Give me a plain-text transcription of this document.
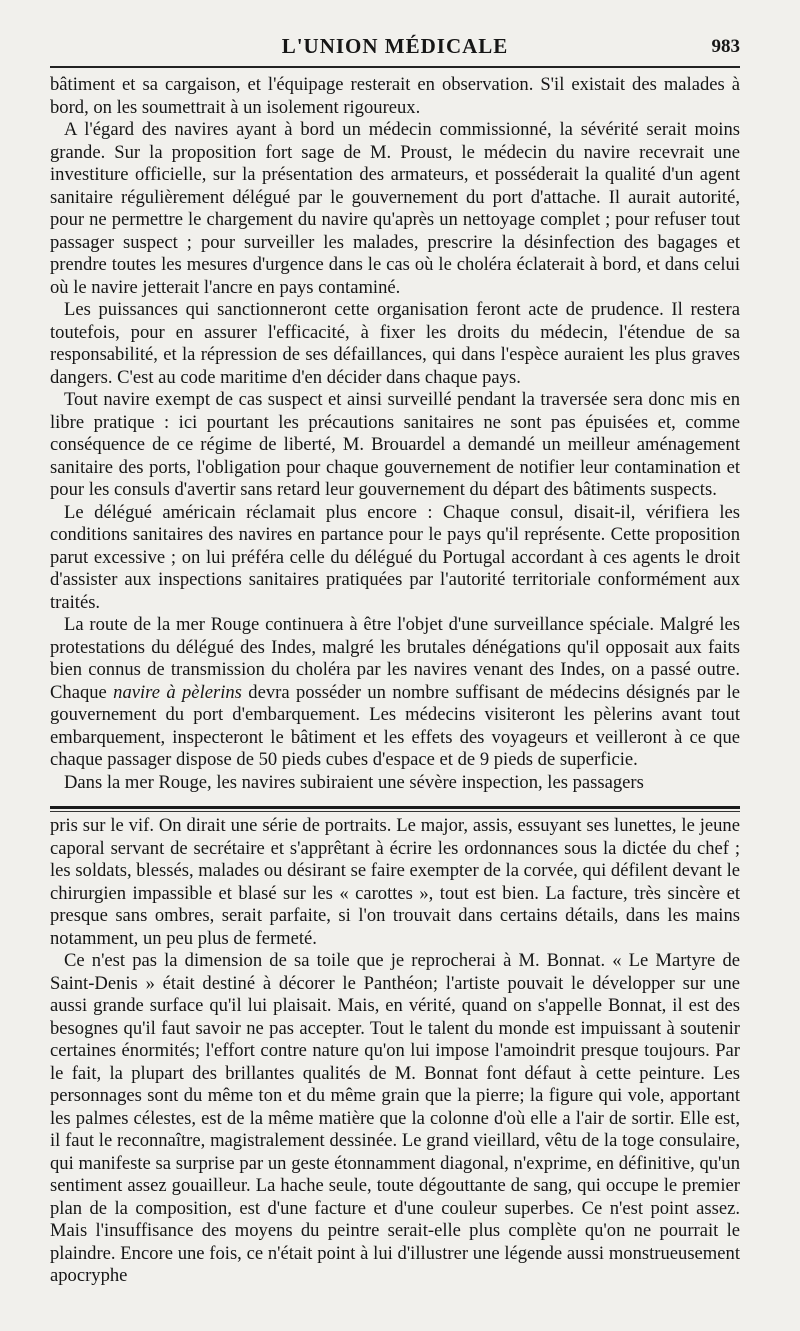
L'UNION MÉDICALE	983

bâtiment et sa cargaison, et l'équipage resterait en observation. S'il existait des malades à bord, on les soumettrait à un isolement rigoureux.

A l'égard des navires ayant à bord un médecin commissionné, la sévérité serait moins grande. Sur la proposition fort sage de M. Proust, le médecin du navire recevrait une investiture officielle, sur la présentation des armateurs, et posséderait la qualité d'un agent sanitaire régulièrement délégué par le gouvernement du port d'attache. Il aurait autorité, pour ne permettre le chargement du navire qu'après un nettoyage complet ; pour refuser tout passager suspect ; pour surveiller les malades, prescrire la désinfection des bagages et prendre toutes les mesures d'urgence dans le cas où le choléra éclaterait à bord, et dans celui où le navire jetterait l'ancre en pays contaminé.

Les puissances qui sanctionneront cette organisation feront acte de prudence. Il restera toutefois, pour en assurer l'efficacité, à fixer les droits du médecin, l'étendue de sa responsabilité, et la répression de ses défaillances, qui dans l'espèce auraient les plus graves dangers. C'est au code maritime d'en décider dans chaque pays.

Tout navire exempt de cas suspect et ainsi surveillé pendant la traversée sera donc mis en libre pratique : ici pourtant les précautions sanitaires ne sont pas épuisées et, comme conséquence de ce régime de liberté, M. Brouardel a demandé un meilleur aménagement sanitaire des ports, l'obligation pour chaque gouvernement de notifier leur contamination et pour les consuls d'avertir sans retard leur gouvernement du départ des bâtiments suspects.

Le délégué américain réclamait plus encore : Chaque consul, disait-il, vérifiera les conditions sanitaires des navires en partance pour le pays qu'il représente. Cette proposition parut excessive ; on lui préféra celle du délégué du Portugal accordant à ces agents le droit d'assister aux inspections sanitaires pratiquées par l'autorité territoriale conformément aux traités.

La route de la mer Rouge continuera à être l'objet d'une surveillance spéciale. Malgré les protestations du délégué des Indes, malgré les brutales dénégations qu'il opposait aux faits bien connus de transmission du choléra par les navires venant des Indes, on a passé outre. Chaque navire à pèlerins devra posséder un nombre suffisant de médecins désignés par le gouvernement du port d'embarquement. Les médecins visiteront les pèlerins avant tout embarquement, inspecteront le bâtiment et les effets des voyageurs et veilleront à ce que chaque passager dispose de 50 pieds cubes d'espace et de 9 pieds de superficie.

Dans la mer Rouge, les navires subiraient une sévère inspection, les passagers

pris sur le vif. On dirait une série de portraits. Le major, assis, essuyant ses lunettes, le jeune caporal servant de secrétaire et s'apprêtant à écrire les ordonnances sous la dictée du chef ; les soldats, blessés, malades ou désirant se faire exempter de la corvée, qui défilent devant le chirurgien impassible et blasé sur les « carottes », tout est bien. La facture, très sincère et presque sans ombres, serait parfaite, si l'on trouvait dans certains détails, dans les mains notamment, un peu plus de fermeté.

Ce n'est pas la dimension de sa toile que je reprocherai à M. Bonnat. « Le Martyre de Saint-Denis » était destiné à décorer le Panthéon; l'artiste pouvait le développer sur une aussi grande surface qu'il lui plaisait. Mais, en vérité, quand on s'appelle Bonnat, il est des besognes qu'il faut savoir ne pas accepter. Tout le talent du monde est impuissant à soutenir certaines énormités; l'effort contre nature qu'on lui impose l'amoindrit presque toujours. Par le fait, la plupart des brillantes qualités de M. Bonnat font défaut à cette peinture. Les personnages sont du même ton et du même grain que la pierre; la figure qui vole, apportant les palmes célestes, est de la même matière que la colonne d'où elle a l'air de sortir. Elle est, il faut le reconnaître, magistralement dessinée. Le grand vieillard, vêtu de la toge consulaire, qui manifeste sa surprise par un geste étonnamment diagonal, n'exprime, en définitive, qu'un sentiment assez gouailleur. La hache seule, toute dégouttante de sang, qui occupe le premier plan de la composition, est d'une facture et d'une couleur superbes. Ce n'est point assez. Mais l'insuffisance des moyens du peintre serait-elle plus complète qu'on ne pourrait le plaindre. Encore une fois, ce n'était point à lui d'illustrer une légende aussi monstrueusement apocryphe
